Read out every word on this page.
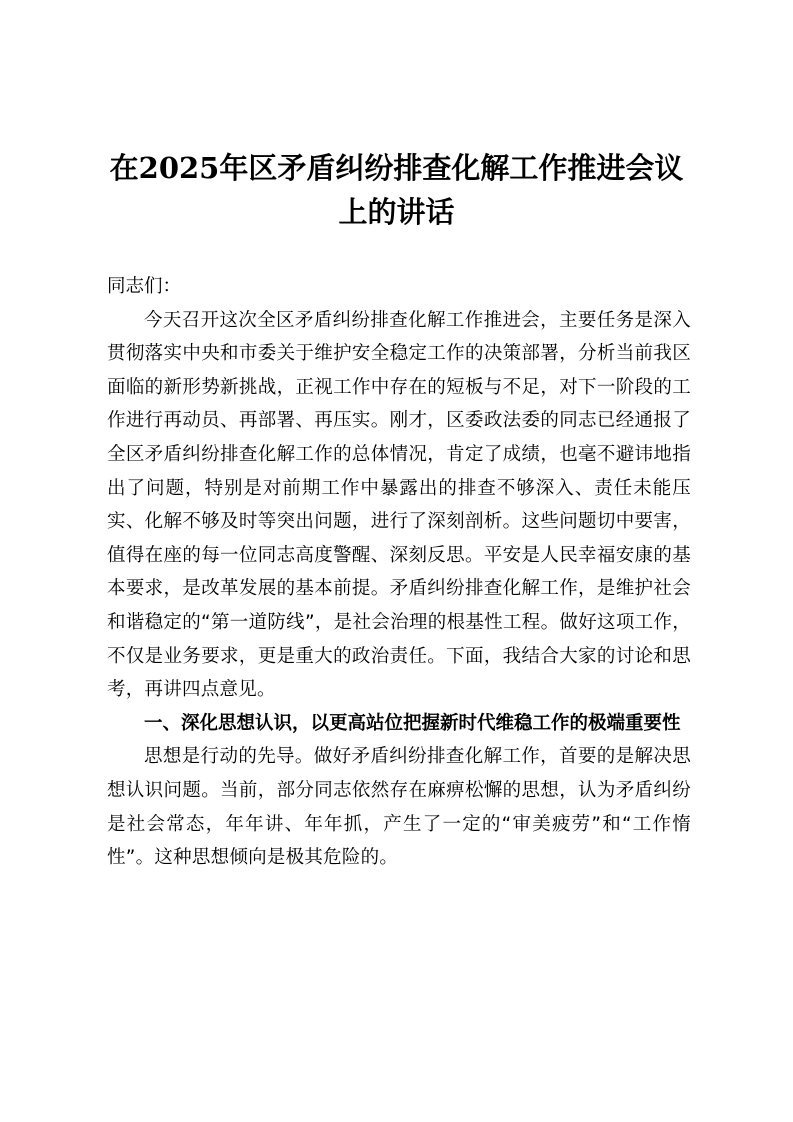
在2025年区矛盾纠纷排查化解工作推进会议上的讲话

同志们：

今天召开这次全区矛盾纠纷排查化解工作推进会，主要任务是深入贯彻落实中央和市委关于维护安全稳定工作的决策部署，分析当前我区面临的新形势新挑战，正视工作中存在的短板与不足，对下一阶段的工作进行再动员、再部署、再压实。刚才，区委政法委的同志已经通报了全区矛盾纠纷排查化解工作的总体情况，肯定了成绩，也毫不避讳地指出了问题，特别是对前期工作中暴露出的排查不够深入、责任未能压实、化解不够及时等突出问题，进行了深刻剖析。这些问题切中要害，值得在座的每一位同志高度警醒、深刻反思。平安是人民幸福安康的基本要求，是改革发展的基本前提。矛盾纠纷排查化解工作，是维护社会和谐稳定的“第一道防线”，是社会治理的根基性工程。做好这项工作，不仅是业务要求，更是重大的政治责任。下面，我结合大家的讨论和思考，再讲四点意见。

一、深化思想认识，以更高站位把握新时代维稳工作的极端重要性

思想是行动的先导。做好矛盾纠纷排查化解工作，首要的是解决思想认识问题。当前，部分同志依然存在麻痹松懈的思想，认为矛盾纠纷是社会常态，年年讲、年年抓，产生了一定的“审美疲劳”和“工作惰性”。这种思想倾向是极其危险的。
